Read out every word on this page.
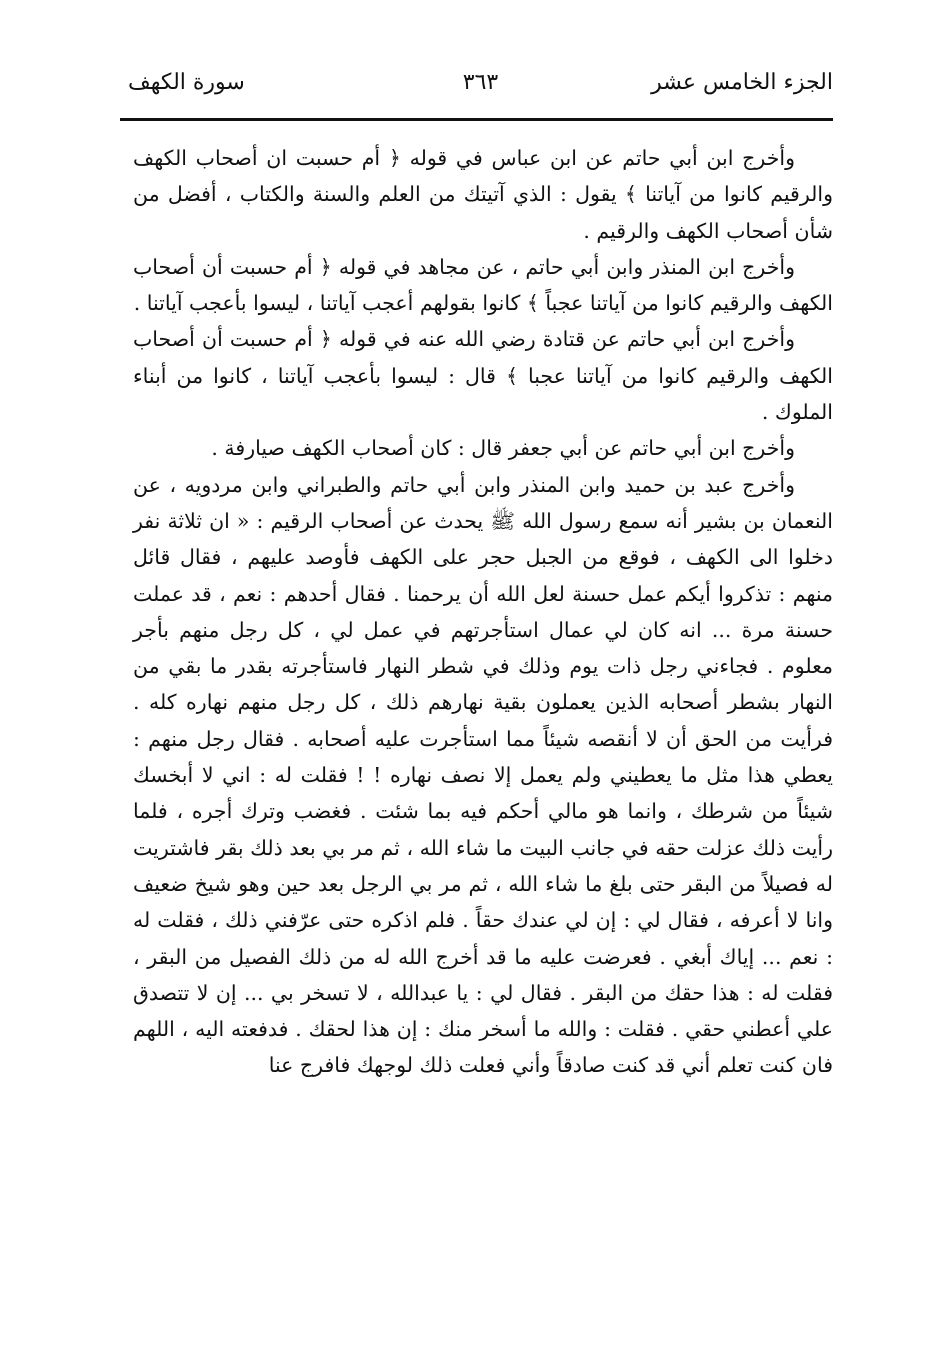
الجزء الخامس عشر
٣٦٣
سورة الكهف

وأخرج ابن أبي حاتم عن ابن عباس في قوله ﴿ أم حسبت ان أصحاب الكهف والرقيم كانوا من آياتنا ﴾ يقول : الذي آتيتك من العلم والسنة والكتاب ، أفضل من شأن أصحاب الكهف والرقيم .

وأخرج ابن المنذر وابن أبي حاتم ، عن مجاهد في قوله ﴿ أم حسبت أن أصحاب الكهف والرقيم كانوا من آياتنا عجباً ﴾ كانوا بقولهم أعجب آياتنا ، ليسوا بأعجب آياتنا .

وأخرج ابن أبي حاتم عن قتادة رضي الله عنه في قوله ﴿ أم حسبت أن أصحاب الكهف والرقيم كانوا من آياتنا عجبا ﴾ قال : ليسوا بأعجب آياتنا ، كانوا من أبناء الملوك .

وأخرج ابن أبي حاتم عن أبي جعفر قال : كان أصحاب الكهف صيارفة .

وأخرج عبد بن حميد وابن المنذر وابن أبي حاتم والطبراني وابن مردويه ، عن النعمان بن بشير أنه سمع رسول الله ﷺ يحدث عن أصحاب الرقيم : « ان ثلاثة نفر دخلوا الى الكهف ، فوقع من الجبل حجر على الكهف فأوصد عليهم ، فقال قائل منهم : تذكروا أيكم عمل حسنة لعل الله أن يرحمنا . فقال أحدهم : نعم ، قد عملت حسنة مرة ... انه كان لي عمال استأجرتهم في عمل لي ، كل رجل منهم بأجر معلوم . فجاءني رجل ذات يوم وذلك في شطر النهار فاستأجرته بقدر ما بقي من النهار بشطر أصحابه الذين يعملون بقية نهارهم ذلك ، كل رجل منهم نهاره كله . فرأيت من الحق أن لا أنقصه شيئاً مما استأجرت عليه أصحابه . فقال رجل منهم : يعطي هذا مثل ما يعطيني ولم يعمل إلا نصف نهاره ! ! فقلت له : اني لا أبخسك شيئاً من شرطك ، وانما هو مالي أحكم فيه بما شئت . فغضب وترك أجره ، فلما رأيت ذلك عزلت حقه في جانب البيت ما شاء الله ، ثم مر بي بعد ذلك بقر فاشتريت له فصيلاً من البقر حتى بلغ ما شاء الله ، ثم مر بي الرجل بعد حين وهو شيخ ضعيف وانا لا أعرفه ، فقال لي : إن لي عندك حقاً . فلم اذكره حتى عرّفني ذلك ، فقلت له : نعم ... إياك أبغي . فعرضت عليه ما قد أخرج الله له من ذلك الفصيل من البقر ، فقلت له : هذا حقك من البقر . فقال لي : يا عبدالله ، لا تسخر بي ... إن لا تتصدق علي أعطني حقي . فقلت : والله ما أسخر منك : إن هذا لحقك . فدفعته اليه ، اللهم فان كنت تعلم أني قد كنت صادقاً وأني فعلت ذلك لوجهك فافرج عنا
